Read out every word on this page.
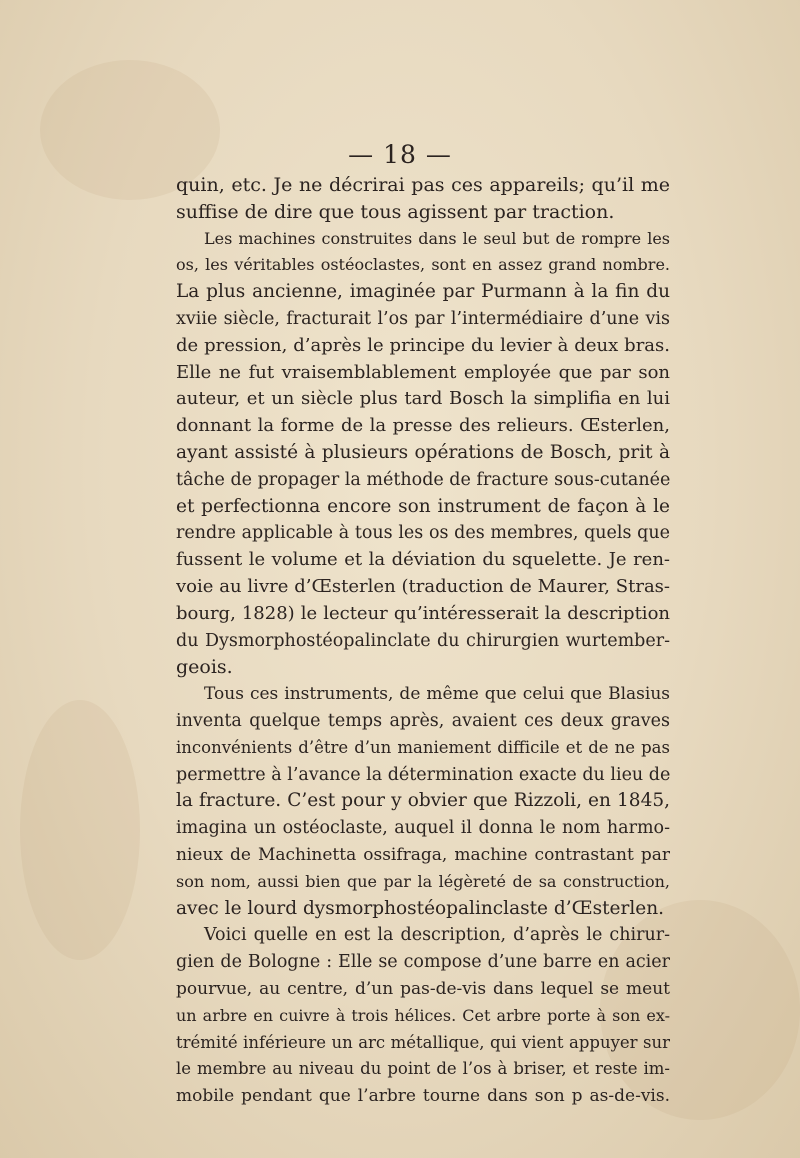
— 18 —
quin, etc. Je ne décrirai pas ces appareils; qu’il me
suffise de dire que tous agissent par traction.
Les machines construites dans le seul but de rompre les
os, les véritables ostéoclastes, sont en assez grand nombre.
La plus ancienne, imaginée par Purmann à la fin du
xviie siècle, fracturait l’os par l’intermédiaire d’une vis
de pression, d’après le principe du levier à deux bras.
Elle ne fut vraisemblablement employée que par son
auteur, et un siècle plus tard Bosch la simplifia en lui
donnant la forme de la presse des relieurs. Œsterlen,
ayant assisté à plusieurs opérations de Bosch, prit à
tâche de propager la méthode de fracture sous-cutanée
et perfectionna encore son instrument de façon à le
rendre applicable à tous les os des membres, quels que
fussent le volume et la déviation du squelette. Je ren-
voie au livre d’Œsterlen (traduction de Maurer, Stras-
bourg, 1828) le lecteur qu’intéresserait la description
du Dysmorphostéopalinclate du chirurgien wurtember-
geois.
Tous ces instruments, de même que celui que Blasius
inventa quelque temps après, avaient ces deux graves
inconvénients d’être d’un maniement difficile et de ne pas
permettre à l’avance la détermination exacte du lieu de
la fracture. C’est pour y obvier que Rizzoli, en 1845,
imagina un ostéoclaste, auquel il donna le nom harmo-
nieux de Machinetta ossifraga, machine contrastant par
son nom, aussi bien que par la légèreté de sa construction,
avec le lourd dysmorphostéopalinclaste d’Œsterlen.
Voici quelle en est la description, d’après le chirur-
gien de Bologne : Elle se compose d’une barre en acier
pourvue, au centre, d’un pas-de-vis dans lequel se meut
un arbre en cuivre à trois hélices. Cet arbre porte à son ex-
trémité inférieure un arc métallique, qui vient appuyer sur
le membre au niveau du point de l’os à briser, et reste im-
mobile pendant que l’arbre tourne dans son p as-de-vis.
